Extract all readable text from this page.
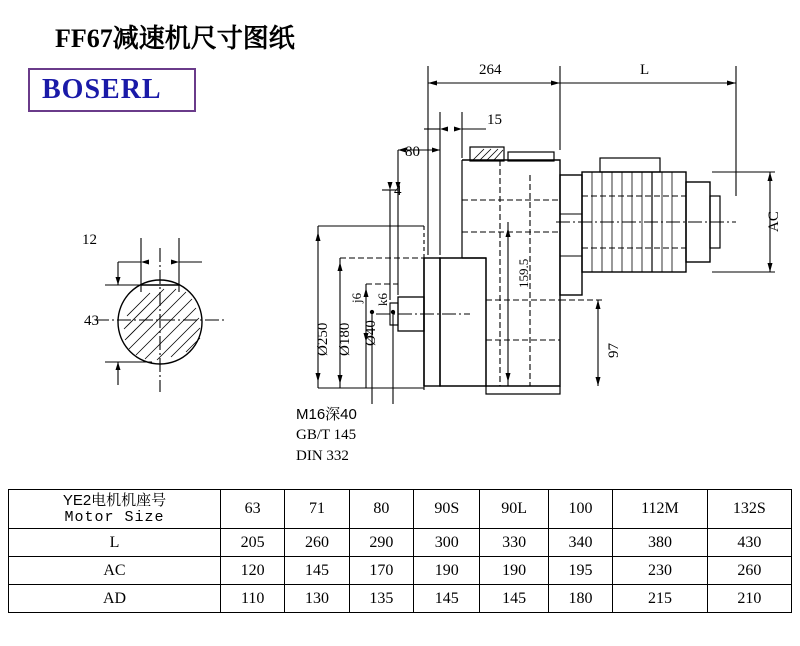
FF67减速机尺寸图纸
BOSERL
12
43
264	L
15
80
4
AC
159.5
97
Ø250 Ø180
j6
Ø40
k6
M16深40
GB/T 145
DIN 332
YE2电机机座号
Motor Size	63	71	80	90S	90L	100	112M	132S
L	205	260	290	300	330	340	380	430
AC	120	145	170	190	190	195	230	260
AD	110	130	135	145	145	180	215	210
